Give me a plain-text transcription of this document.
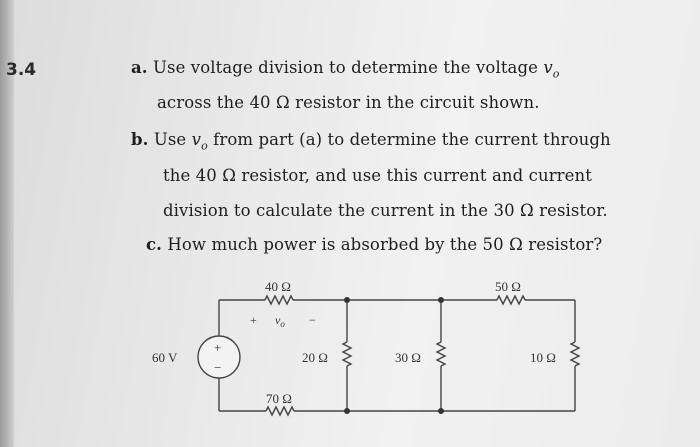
3.4	a. Use voltage division to determine the voltage $v_o$
across the 40 Ω resistor in the circuit shown.
b. Use $v_o$ from part (a) to determine the current through
the 40 Ω resistor, and use this current and current
division to calculate the current in the 30 Ω resistor.
c. How much power is absorbed by the 50 Ω resistor?
+
−
60 V
40 Ω	50 Ω
20 Ω	30 Ω	10 Ω
70 Ω
+ $v_o$ −
